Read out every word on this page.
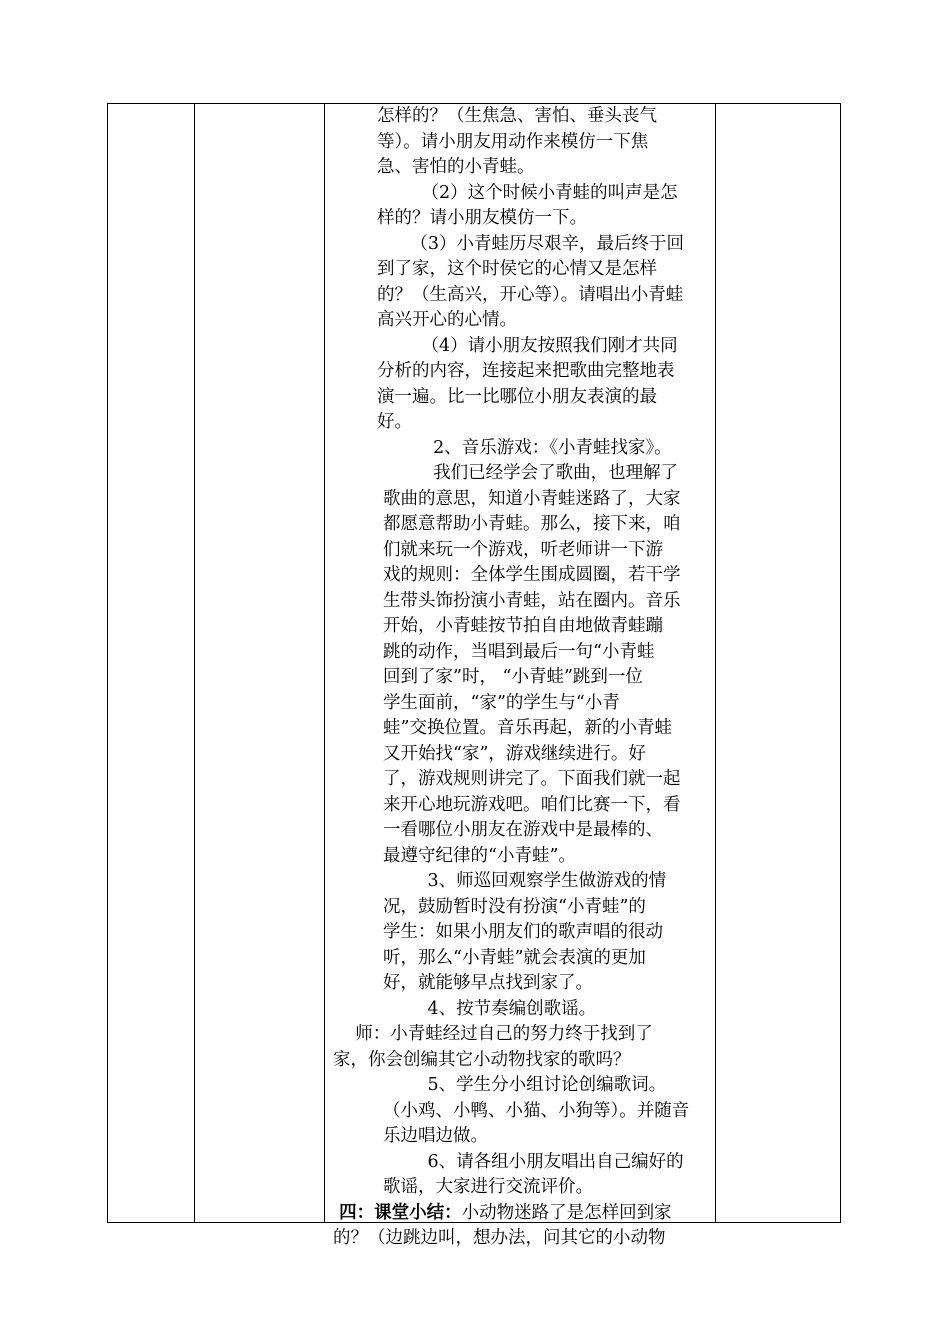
怎样的？（生焦急、害怕、垂头丧气

等）。请小朋友用动作来模仿一下焦

急、害怕的小青蛙。

（2）这个时候小青蛙的叫声是怎

样的？请小朋友模仿一下。

（3）小青蛙历尽艰辛，最后终于回

到了家，这个时侯它的心情又是怎样

的？（生高兴，开心等）。请唱出小青蛙

高兴开心的心情。

（4）请小朋友按照我们刚才共同

分析的内容，连接起来把歌曲完整地表

演一遍。比一比哪位小朋友表演的最

好。

2、音乐游戏：《小青蛙找家》。

我们已经学会了歌曲，也理解了

歌曲的意思，知道小青蛙迷路了，大家

都愿意帮助小青蛙。那么，接下来，咱

们就来玩一个游戏，听老师讲一下游

戏的规则：全体学生围成圆圈，若干学

生带头饰扮演小青蛙，站在圈内。音乐

开始，小青蛙按节拍自由地做青蛙蹦

跳的动作，当唱到最后一句“小青蛙

回到了家”时， “小青蛙”跳到一位

学生面前，“家”的学生与“小青

蛙”交换位置。音乐再起，新的小青蛙

又开始找“家”，游戏继续进行。好

了，游戏规则讲完了。下面我们就一起

来开心地玩游戏吧。咱们比赛一下，看

一看哪位小朋友在游戏中是最棒的、

最遵守纪律的“小青蛙”。

3、师巡回观察学生做游戏的情

况，鼓励暂时没有扮演“小青蛙”的

学生：如果小朋友们的歌声唱的很动

听，那么“小青蛙”就会表演的更加

好，就能够早点找到家了。

4、按节奏编创歌谣。

师：小青蛙经过自己的努力终于找到了

家，你会创编其它小动物找家的歌吗？

5、学生分小组讨论创编歌词。

（小鸡、小鸭、小猫、小狗等）。并随音

乐边唱边做。

6、请各组小朋友唱出自己编好的

歌谣，大家进行交流评价。

四：课堂小结：小动物迷路了是怎样回到家

的？（边跳边叫，想办法，问其它的小动物
